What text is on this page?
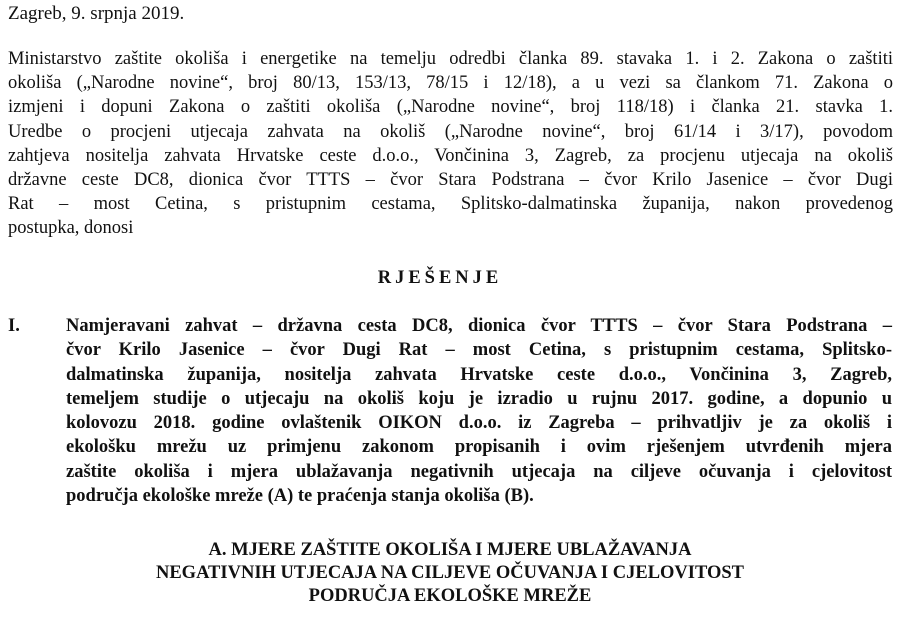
Zagreb, 9. srpnja 2019.
Ministarstvo zaštite okoliša i energetike na temelju odredbi članka 89. stavaka 1. i 2. Zakona o zaštiti
okoliša („Narodne novine“, broj 80/13, 153/13, 78/15 i 12/18), a u vezi sa člankom 71. Zakona o
izmjeni i dopuni Zakona o zaštiti okoliša („Narodne novine“, broj 118/18) i članka 21. stavka 1.
Uredbe o procjeni utjecaja zahvata na okoliš („Narodne novine“, broj 61/14 i 3/17), povodom
zahtjeva nositelja zahvata Hrvatske ceste d.o.o., Vončinina 3, Zagreb, za procjenu utjecaja na okoliš
državne ceste DC8, dionica čvor TTTS – čvor Stara Podstrana – čvor Krilo Jasenice – čvor Dugi
Rat – most Cetina, s pristupnim cestama, Splitsko-dalmatinska županija, nakon provedenog
postupka, donosi
RJEŠENJE
I. Namjeravani zahvat – državna cesta DC8, dionica čvor TTTS – čvor Stara Podstrana –
čvor Krilo Jasenice – čvor Dugi Rat – most Cetina, s pristupnim cestama, Splitsko-
dalmatinska županija, nositelja zahvata Hrvatske ceste d.o.o., Vončinina 3, Zagreb,
temeljem studije o utjecaju na okoliš koju je izradio u rujnu 2017. godine, a dopunio u
kolovozu 2018. godine ovlaštenik OIKON d.o.o. iz Zagreba – prihvatljiv je za okoliš i
ekološku mrežu uz primjenu zakonom propisanih i ovim rješenjem utvrđenih mjera
zaštite okoliša i mjera ublažavanja negativnih utjecaja na ciljeve očuvanja i cjelovitost
područja ekološke mreže (A) te praćenja stanja okoliša (B).
A. MJERE ZAŠTITE OKOLIŠA I MJERE UBLAŽAVANJA
NEGATIVNIH UTJECAJA NA CILJEVE OČUVANJA I CJELOVITOST
PODRUČJA EKOLOŠKE MREŽE
